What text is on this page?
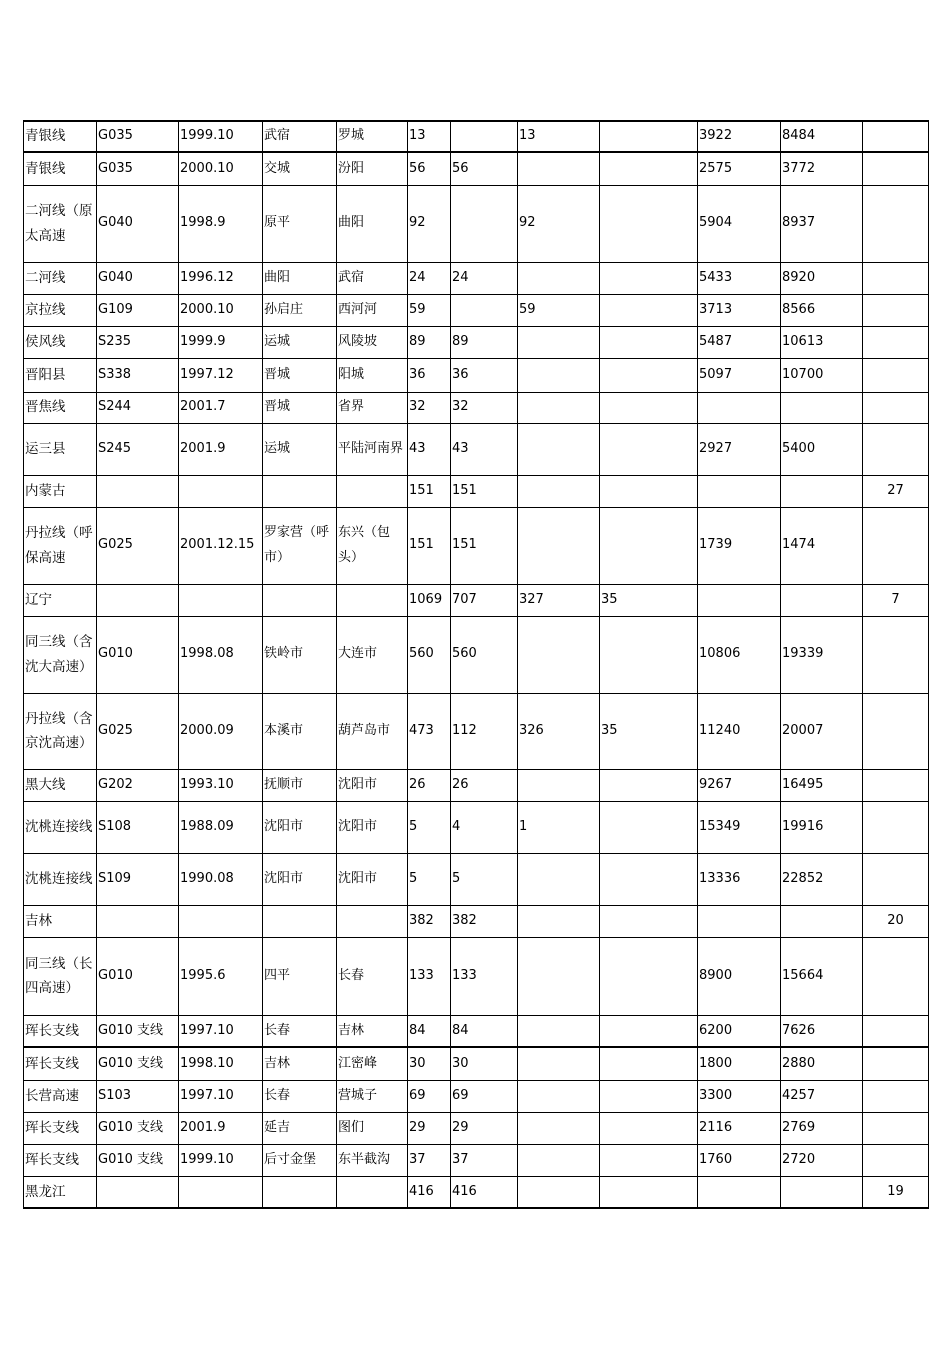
青银线	G035	1999.10	武宿	罗城	13		13		3922	8484	
青银线	G035	2000.10	交城	汾阳	56	56			2575	3772	
二河线（原太高速	G040	1998.9	原平	曲阳	92		92		5904	8937	
二河线	G040	1996.12	曲阳	武宿	24	24			5433	8920	
京拉线	G109	2000.10	孙启庄	西河河	59		59		3713	8566	
侯风线	S235	1999.9	运城	风陵坡	89	89			5487	10613	
晋阳县	S338	1997.12	晋城	阳城	36	36			5097	10700	
晋焦线	S244	2001.7	晋城	省界	32	32					
运三县	S245	2001.9	运城	平陆河南界	43	43			2927	5400	
内蒙古					151	151					27
丹拉线（呼保高速	G025	2001.12.15	罗家营（呼市）	东兴（包头）	151	151			1739	1474	
辽宁					1069	707	327	35			7
同三线（含沈大高速）	G010	1998.08	铁岭市	大连市	560	560			10806	19339	
丹拉线（含京沈高速）	G025	2000.09	本溪市	葫芦岛市	473	112	326	35	11240	20007	
黑大线	G202	1993.10	抚顺市	沈阳市	26	26			9267	16495	
沈桃连接线	S108	1988.09	沈阳市	沈阳市	5	4	1		15349	19916	
沈桃连接线	S109	1990.08	沈阳市	沈阳市	5	5			13336	22852	
吉林					382	382					20
同三线（长四高速）	G010	1995.6	四平	长春	133	133			8900	15664	
珲长支线	G010 支线	1997.10	长春	吉林	84	84			6200	7626	
珲长支线	G010 支线	1998.10	吉林	江密峰	30	30			1800	2880	
长营高速	S103	1997.10	长春	营城子	69	69			3300	4257	
珲长支线	G010 支线	2001.9	延吉	图们	29	29			2116	2769	
珲长支线	G010 支线	1999.10	后寸金堡	东半截沟	37	37			1760	2720	
黑龙江					416	416					19
